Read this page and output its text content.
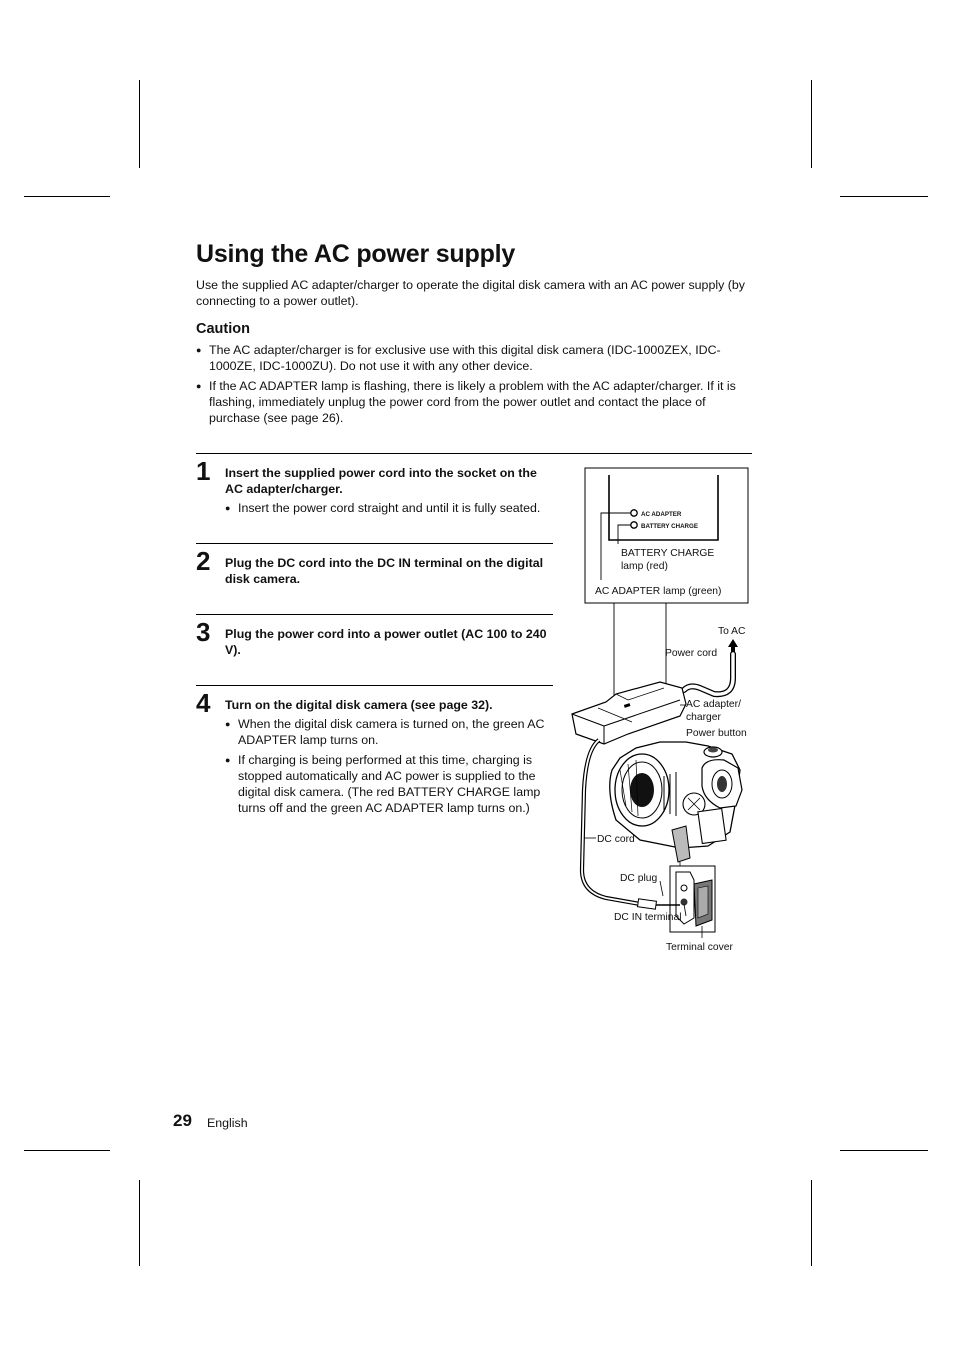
Using the AC power supply

Use the supplied AC adapter/charger to operate the digital disk camera with an AC power supply (by connecting to a power outlet).

Caution
● The AC adapter/charger is for exclusive use with this digital disk camera (IDC-1000ZEX, IDC-1000ZE, IDC-1000ZU). Do not use it with any other device.
● If the AC ADAPTER lamp is flashing, there is likely a problem with the AC adapter/charger. If it is flashing, immediately unplug the power cord from the power outlet and contact the place of purchase (see page 26).
1 Insert the supplied power cord into the socket on the AC adapter/charger.

● Insert the power cord straight and until it is fully seated.
2 Plug the DC cord into the DC IN terminal on the digital disk camera.

3 Plug the power cord into a power outlet (AC 100 to 240 V).

4 Turn on the digital disk camera (see page 32).

● When the digital disk camera is turned on, the green AC ADAPTER lamp turns on.
● If charging is being performed at this time, charging is stopped automatically and AC power is supplied to the digital disk camera. (The red BATTERY CHARGE lamp turns off and the green AC ADAPTER lamp turns on.)
AC ADAPTER
BATTERY CHARGE
BATTERY CHARGE
lamp (red)
AC ADAPTER lamp (green)
To AC
Power cord
AC adapter/
charger
Power button
DC cord
DC plug
DC IN terminal
Terminal cover
29 English
